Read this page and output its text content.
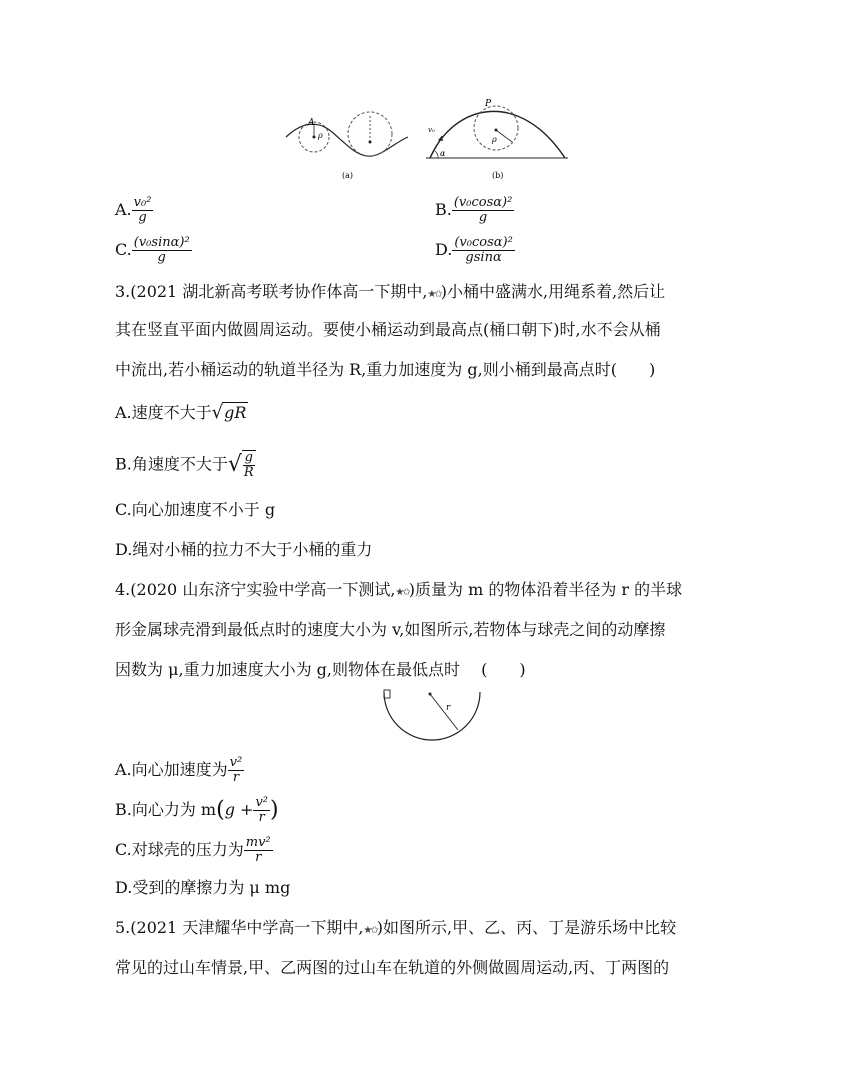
A
ρ
(a)
P
v₀
α
ρ
(b)
A. $\frac{\text{v₀²}}{g}$	B. $\frac{\text{(v₀cosα)²}}{g}$
C. $\frac{\text{(v₀sinα)²}}{g}$	D. $\frac{\text{(v₀cosα)²}}{gsin\alpha}$
3.(2021 湖北新高考联考协作体高一下期中,★✩)小桶中盛满水,用绳系着,然后让
其在竖直平面内做圆周运动。要使小桶运动到最高点(桶口朝下)时,水不会从桶
中流出,若小桶运动的轨道半径为 R,重力加速度为 g,则小桶到最高点时(　　)
A.速度不大于√gR
B.角速度不大于√ $\frac{g}{R}$
C.向心加速度不小于 g
D.绳对小桶的拉力不大于小桶的重力
4.(2020 山东济宁实验中学高一下测试,★✩)质量为 m 的物体沿着半径为 r 的半球
形金属球壳滑到最低点时的速度大小为 v,如图所示,若物体与球壳之间的动摩擦
因数为 μ,重力加速度大小为 g,则物体在最低点时　 (　　)
r
A.向心加速度为 $\frac{\text{v²}}{r}$
B.向心力为 $m(g + \frac{\text{v²}}{r}$ )
C.对球壳的压力为 $\frac{\text{mv²}}{r}$
D.受到的摩擦力为 μ mg
5.(2021 天津耀华中学高一下期中,★✩)如图所示,甲、乙、丙、丁是游乐场中比较
常见的过山车情景,甲、乙两图的过山车在轨道的外侧做圆周运动,丙、丁两图的
